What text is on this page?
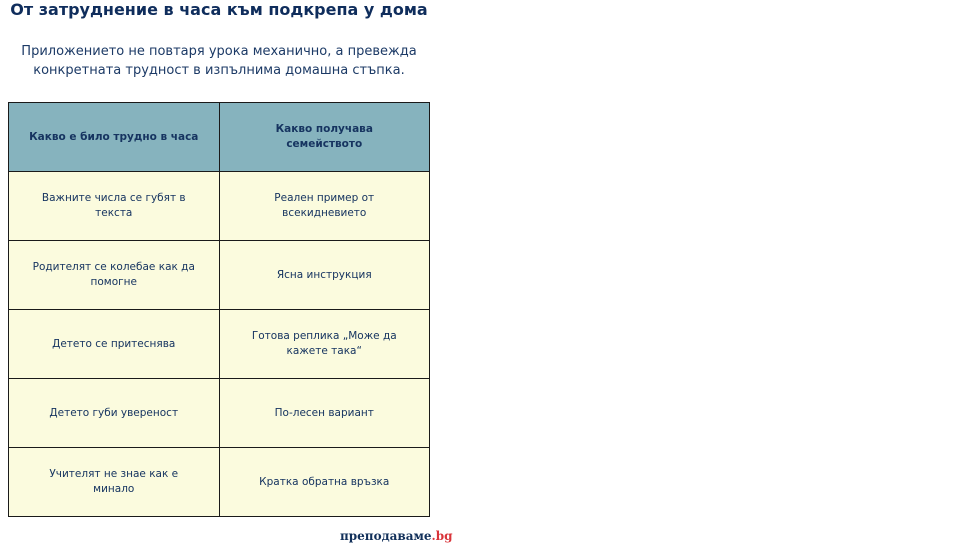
От затруднение в часа към подкрепа у дома
Приложението не повтаря урока механично, а превежда
конкретната трудност в изпълнима домашна стъпка.
Какво е било трудно в часа	Какво получава семейството
Важните числа се губят в текста	Реален пример от всекидневието
Родителят се колебае как да помогне	Ясна инструкция
Детето се притеснява	Готова реплика „Може да кажете така“
Детето губи увереност	По-лесен вариант
Учителят не знае как е минало	Кратка обратна връзка
преподаваме.bg
